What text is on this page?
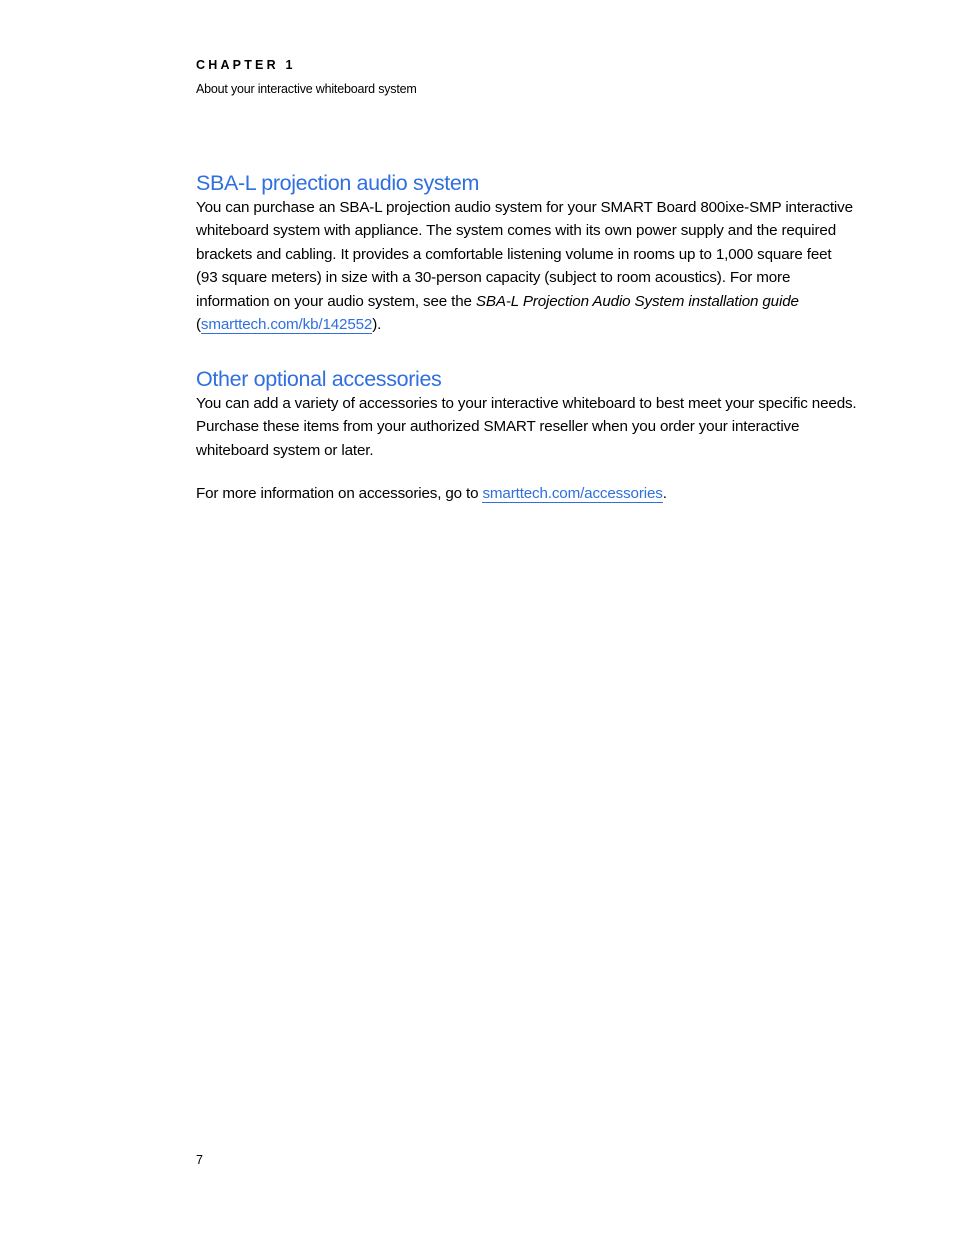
CHAPTER 1

About your interactive whiteboard system

SBA-L projection audio system

You can purchase an SBA-L projection audio system for your SMART Board 800ixe-SMP interactive
whiteboard system with appliance. The system comes with its own power supply and the required
brackets and cabling. It provides a comfortable listening volume in rooms up to 1,000 square feet
(93 square meters) in size with a 30-person capacity (subject to room acoustics). For more
information on your audio system, see the SBA-L Projection Audio System installation guide
(smarttech.com/kb/142552).

Other optional accessories

You can add a variety of accessories to your interactive whiteboard to best meet your specific needs.
Purchase these items from your authorized SMART reseller when you order your interactive
whiteboard system or later.

For more information on accessories, go to smarttech.com/accessories.

7
